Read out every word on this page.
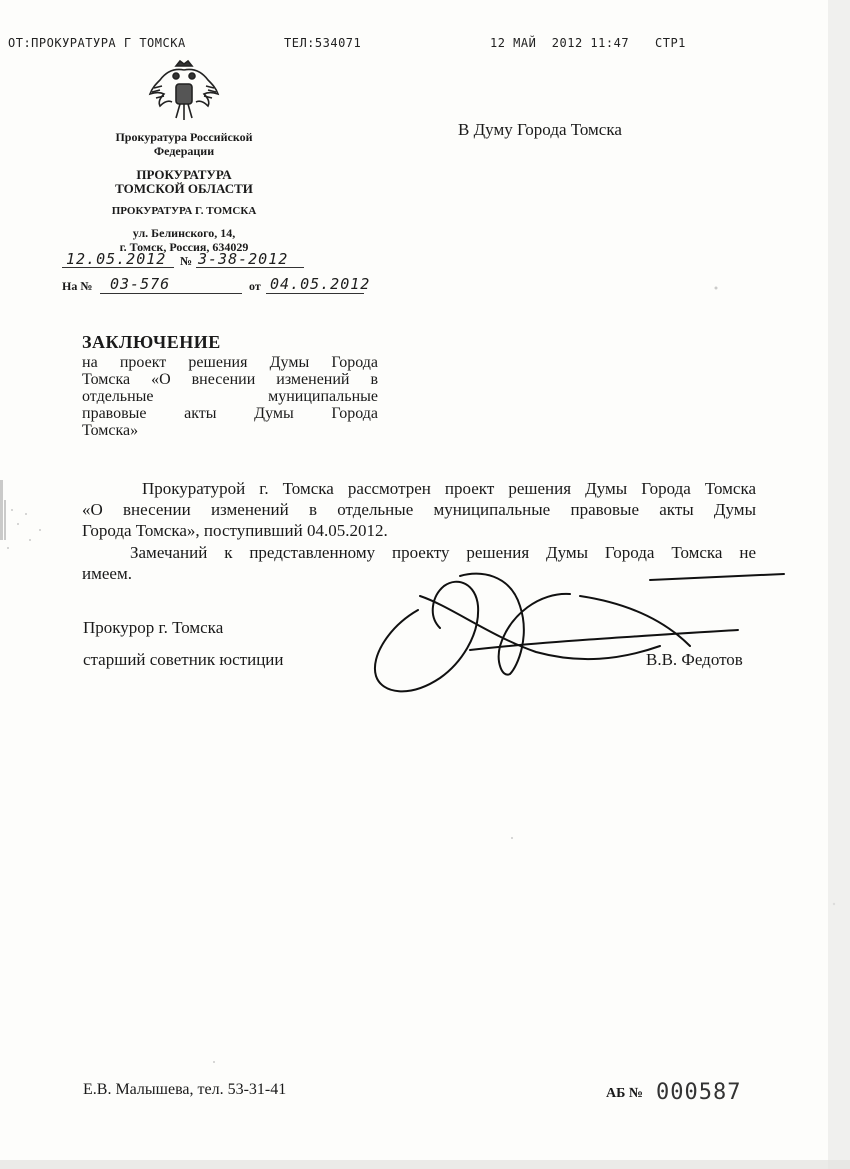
ОТ:ПРОКУРАТУРА Г ТОМСКА	ТЕЛ:534071	12 МАЙ  2012 11:47 СТР1
Прокуратура Российской
Федерации
ПРОКУРАТУРА
ТОМСКОЙ ОБЛАСТИ
ПРОКУРАТУРА Г. ТОМСКА
ул. Белинского, 14,
г. Томск, Россия, 634029
12.05.2012 № 3-38-2012
На № 03-576	от 04.05.2012
В Думу Города Томска
ЗАКЛЮЧЕНИЕ
на проект решения Думы Города
Томска «О внесении изменений в
отдельные муниципальные
правовые акты Думы Города
Томска»
Прокуратурой г. Томска рассмотрен проект решения Думы Города Томска
«О внесении изменений в отдельные муниципальные правовые акты Думы
Города Томска», поступивший 04.05.2012.
Замечаний к представленному проекту решения Думы Города Томска не
имеем.
Прокурор г. Томска
старший советник юстиции	В.В. Федотов
Е.В. Малышева, тел. 53-31-41	АБ № 000587
